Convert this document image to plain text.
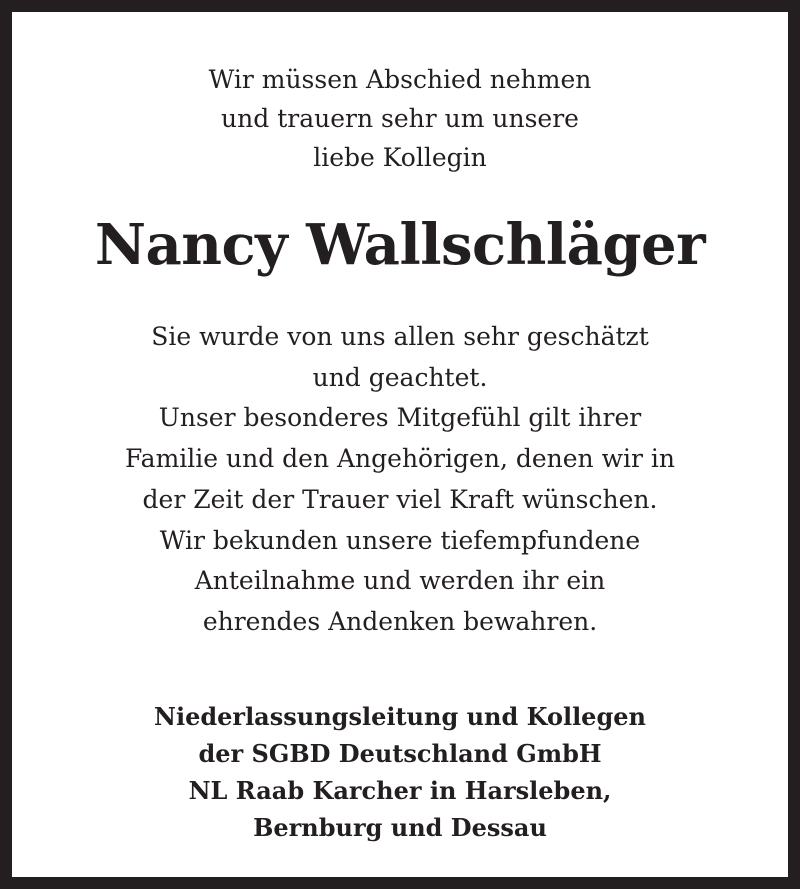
Wir müssen Abschied nehmen
und trauern sehr um unsere
liebe Kollegin
Nancy Wallschläger
Sie wurde von uns allen sehr geschätzt
und geachtet.
Unser besonderes Mitgefühl gilt ihrer
Familie und den Angehörigen, denen wir in
der Zeit der Trauer viel Kraft wünschen.
Wir bekunden unsere tiefempfundene
Anteilnahme und werden ihr ein
ehrendes Andenken bewahren.
Niederlassungsleitung und Kollegen
der SGBD Deutschland GmbH
NL Raab Karcher in Harsleben,
Bernburg und Dessau
